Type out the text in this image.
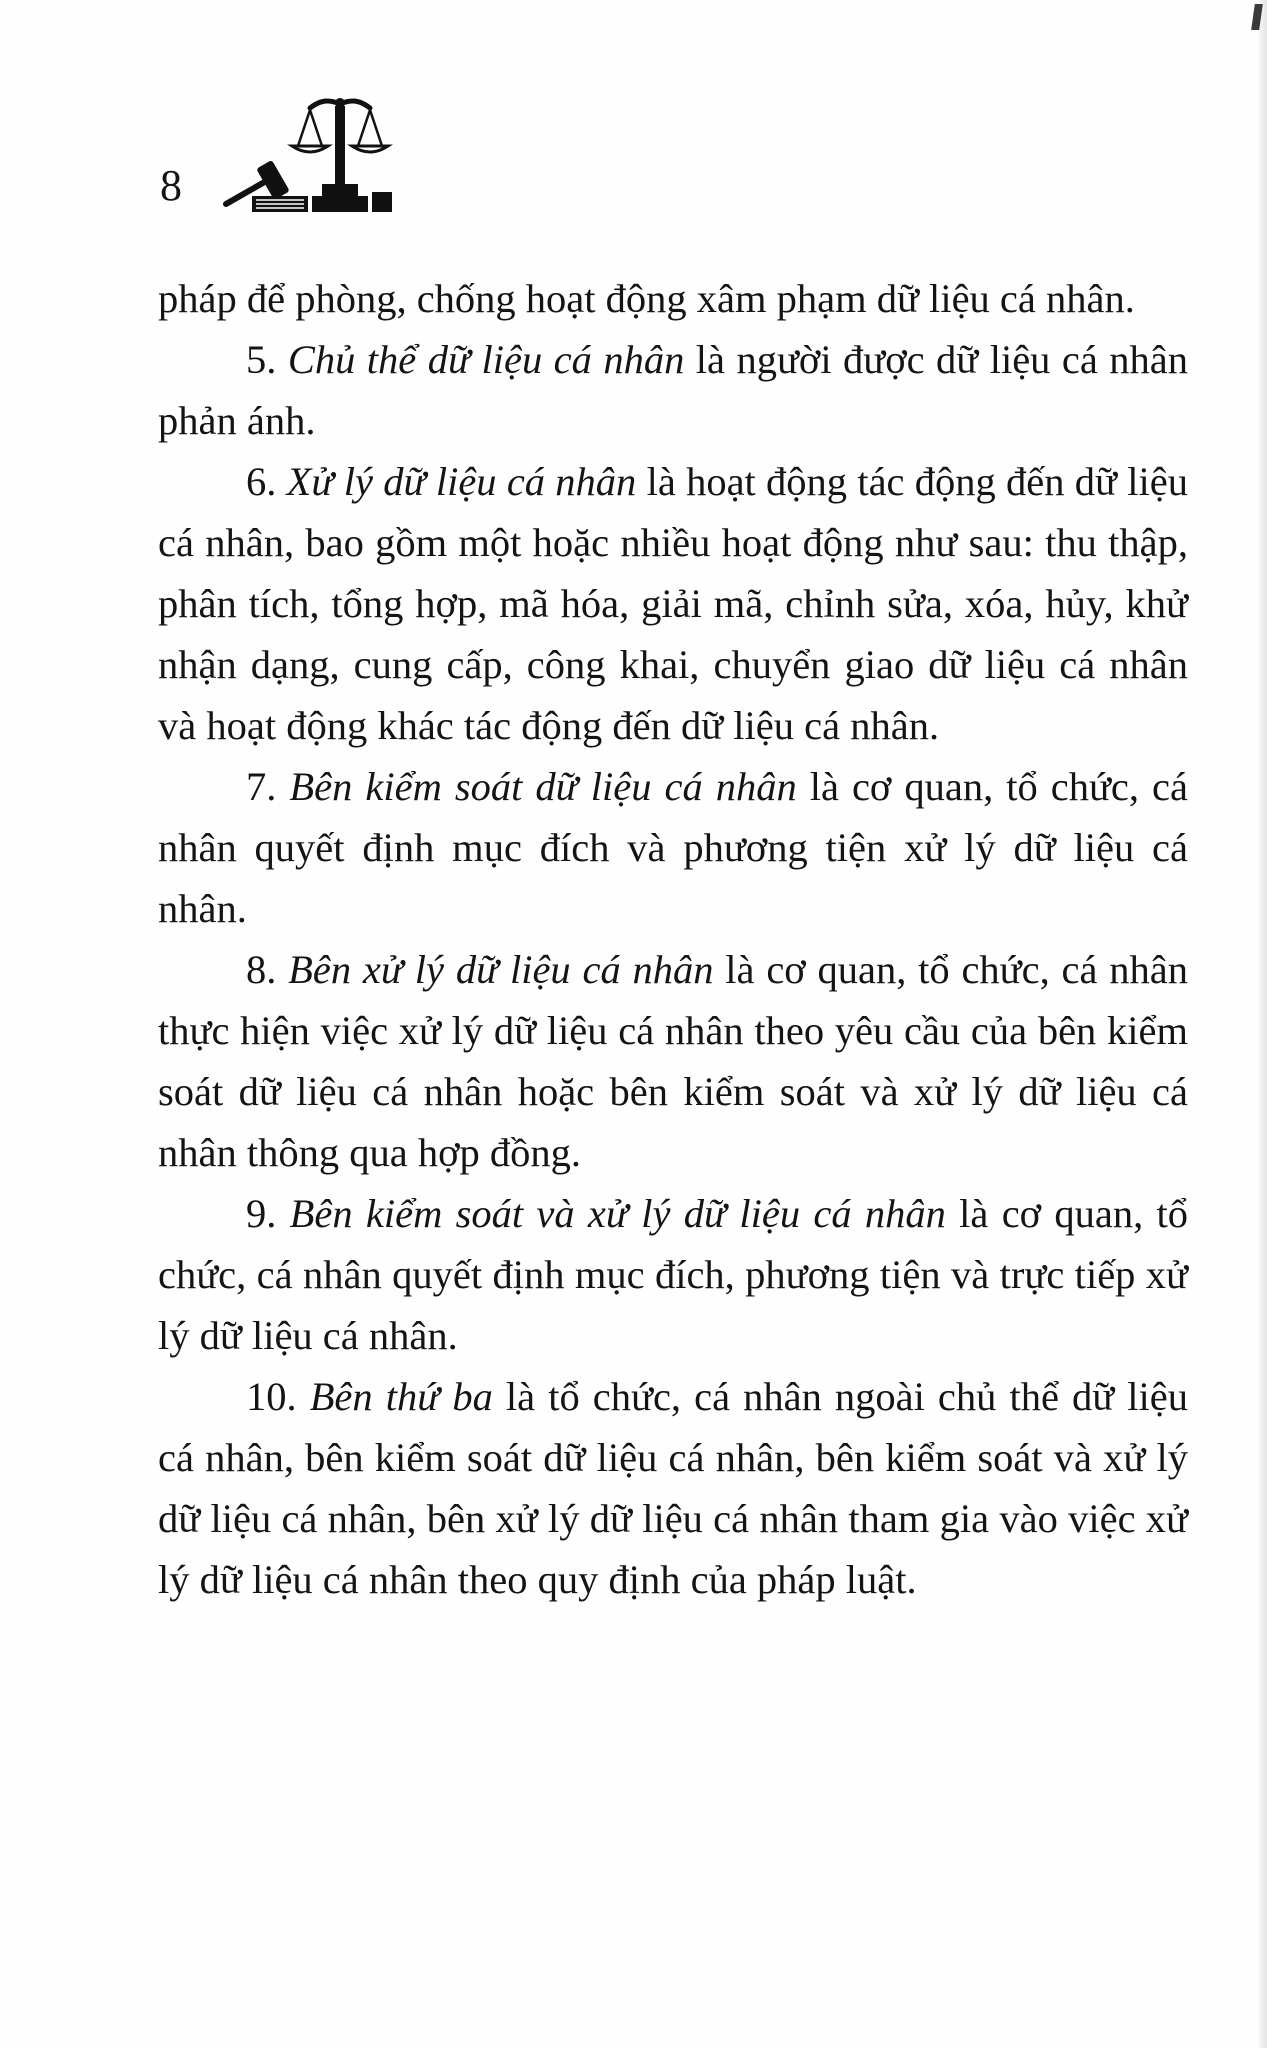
8

pháp để phòng, chống hoạt động xâm phạm dữ liệu cá nhân.

5. Chủ thể dữ liệu cá nhân là người được dữ liệu cá nhân phản ánh.

6. Xử lý dữ liệu cá nhân là hoạt động tác động đến dữ liệu cá nhân, bao gồm một hoặc nhiều hoạt động như sau: thu thập, phân tích, tổng hợp, mã hóa, giải mã, chỉnh sửa, xóa, hủy, khử nhận dạng, cung cấp, công khai, chuyển giao dữ liệu cá nhân và hoạt động khác tác động đến dữ liệu cá nhân.

7. Bên kiểm soát dữ liệu cá nhân là cơ quan, tổ chức, cá nhân quyết định mục đích và phương tiện xử lý dữ liệu cá nhân.

8. Bên xử lý dữ liệu cá nhân là cơ quan, tổ chức, cá nhân thực hiện việc xử lý dữ liệu cá nhân theo yêu cầu của bên kiểm soát dữ liệu cá nhân hoặc bên kiểm soát và xử lý dữ liệu cá nhân thông qua hợp đồng.

9. Bên kiểm soát và xử lý dữ liệu cá nhân là cơ quan, tổ chức, cá nhân quyết định mục đích, phương tiện và trực tiếp xử lý dữ liệu cá nhân.

10. Bên thứ ba là tổ chức, cá nhân ngoài chủ thể dữ liệu cá nhân, bên kiểm soát dữ liệu cá nhân, bên kiểm soát và xử lý dữ liệu cá nhân, bên xử lý dữ liệu cá nhân tham gia vào việc xử lý dữ liệu cá nhân theo quy định của pháp luật.
